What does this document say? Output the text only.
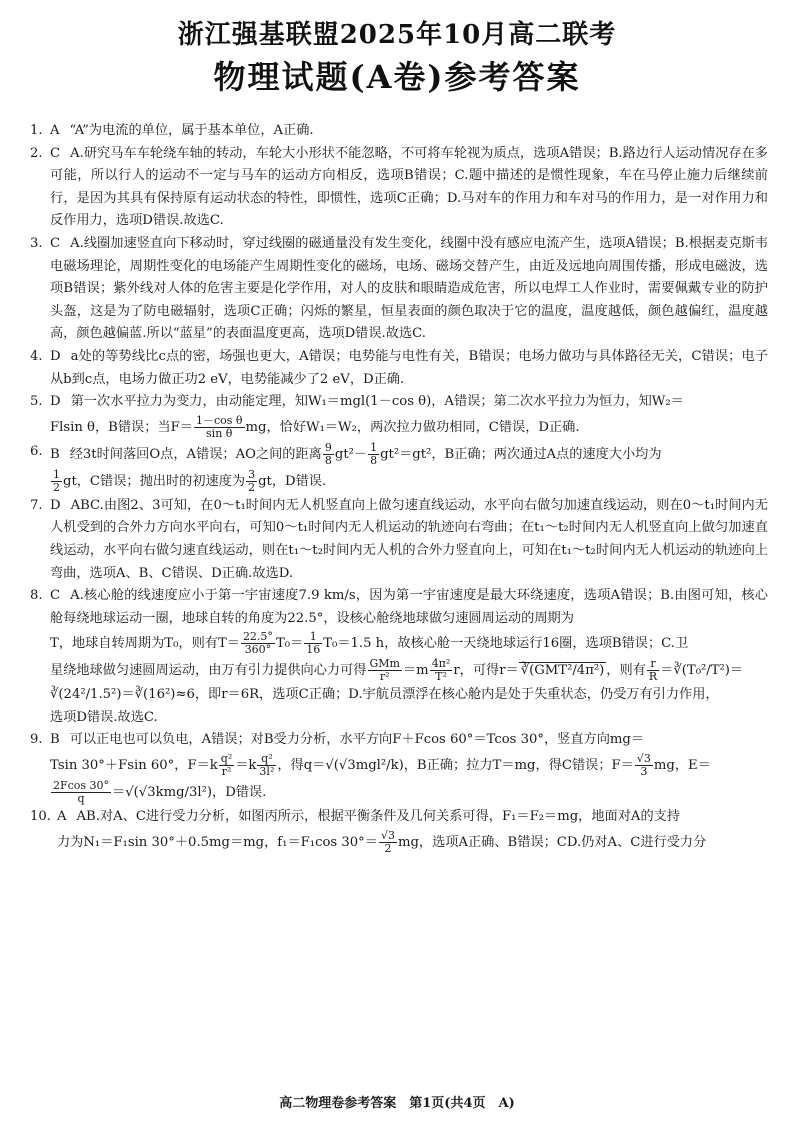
浙江强基联盟2025年10月高二联考
物理试题(A卷)参考答案

1. A “A”为电流的单位，属于基本单位，A正确.

2. C A.研究马车车轮绕车轴的转动，车轮大小形状不能忽略，不可将车轮视为质点，选项A错误；B.路边行人运动情况存在多可能，所以行人的运动不一定与马车的运动方向相反，选项B错误；C.题中描述的是惯性现象，车在马停止施力后继续前行，是因为其具有保持原有运动状态的特性，即惯性，选项C正确；D.马对车的作用力和车对马的作用力，是一对作用力和反作用力，选项D错误.故选C.

3. C A.线圈加速竖直向下移动时，穿过线圈的磁通量没有发生变化，线圈中没有感应电流产生，选项A错误；B.根据麦克斯韦电磁场理论，周期性变化的电场能产生周期性变化的磁场，电场、磁场交替产生，由近及远地向周围传播，形成电磁波，选项B错误；紫外线对人体的危害主要是化学作用，对人的皮肤和眼睛造成危害，所以电焊工人作业时，需要佩戴专业的防护头盔，这是为了防电磁辐射，选项C正确；闪烁的繁星，恒星表面的颜色取决于它的温度，温度越低，颜色越偏红，温度越高，颜色越偏蓝.所以“蓝星”的表面温度更高，选项D错误.故选C.

4. D a处的等势线比c点的密，场强也更大，A错误；电势能与电性有关，B错误；电场力做功与具体路径无关，C错误；电子从b到c点，电场力做正功2 eV，电势能减少了2 eV，D正确.

5. D 第一次水平拉力为变力，由动能定理，知W₁＝mgl(1－cos θ)，A错误；第二次水平拉力为恒力，知W₂＝
Flsin θ，B错误；当$F= \frac{\text{1－cos θ}}{\text{sin θ}}$ mg，恰好W₁＝W₂，两次拉力做功相同，C错误，D正确.

6. B 经3t时间落回O点，A错误；AO之间的距离 $\frac{9}{8} gt^2- \frac{1}{8} gt^2=gt^2$，B正确；两次通过A点的速度大小均为
$\frac{1}{2}$ gt，C错误；抛出时的初速度为 $\frac{3}{2}$ gt，D错误.

7. D ABC.由图2、3可知，在0～t₁时间内无人机竖直向上做匀速直线运动，水平向右做匀加速直线运动，则在0～t₁时间内无人机受到的合外力方向水平向右，可知0～t₁时间内无人机运动的轨迹向右弯曲；在t₁～t₂时间内无人机竖直向上做匀加速直线运动，水平向右做匀速直线运动，则在t₁～t₂时间内无人机的合外力竖直向上，可知在t₁～t₂时间内无人机运动的轨迹向上弯曲，选项A、B、C错误、D正确.故选D.

8. C A.核心舱的线速度应小于第一宇宙速度7.9 km/s，因为第一宇宙速度是最大环绕速度，选项A错误；B.由图可知，核心舱每绕地球运动一圈，地球自转的角度为22.5°，设核心舱绕地球做匀速圆周运动的周期为
T，地球自转周期为T₀，则有$T= \frac{22.5^\circ}{360^\circ} T_0= \frac{1}{16} T_0=1.5$ h，故核心舱一天绕地球运行16圈，选项B错误；C.卫
星绕地球做匀速圆周运动，由万有引力提供向心力可得 $\frac{\text{GMm}}{\text{r²}} =m \frac{\text{4π²}}{\text{T²}}$ r，可得r＝ ∛(GMT²/4π²) ，则有 $\frac{r}{R}$ ＝∛(T₀²/T²)＝
∛(24²/1.5²)＝∛(16²)≈6，即r＝6R，选项C正确；D.宇航员漂浮在核心舱内是处于失重状态，仍受万有引力作用，
选项D错误.故选C.

9. B 可以正电也可以负电，A错误；对B受力分析，水平方向F＋Fcos 60°＝Tcos 30°，竖直方向mg＝
Tsin 30°＋Fsin 60°，$F=k \frac{\text{q²}}{\text{r²}} =k \frac{\text{q²}}{\text{3l²}}$ ，得q＝√(√3mgl²/k)，B正确；拉力T＝mg，得C错误；$F= \frac{√3}{3}$ mg，E＝
$\frac{2Fcos 30^\circ}{q} =√(√3kmg/3l^2)$，D错误.

10. A AB.对A、C进行受力分析，如图丙所示，根据平衡条件及几何关系可得，F₁＝F₂＝mg，地面对A的支持
力为N₁＝F₁sin 30°＋0.5mg＝mg，f₁＝F₁cos $30^\circ= \frac{√3}{2}$ mg，选项A正确、B错误；CD.仍对A、C进行受力分

高二物理卷参考答案　第1页(共4页　A)
